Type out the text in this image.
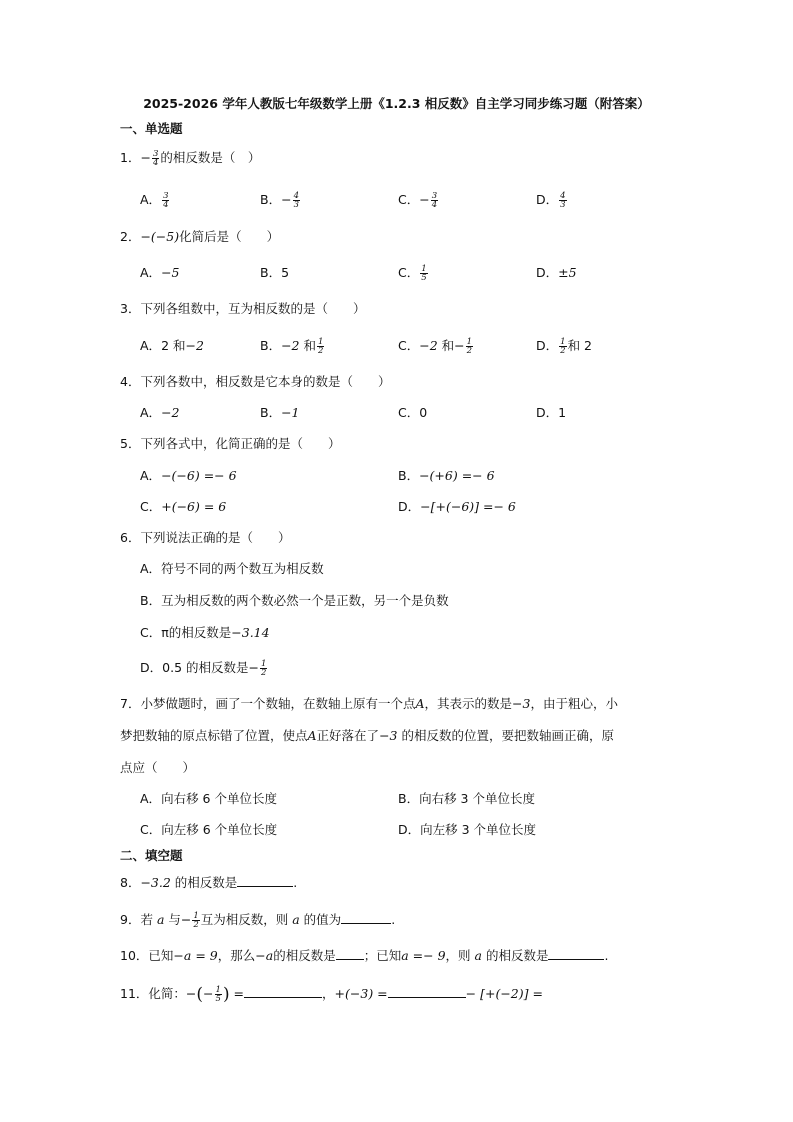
2025-2026 学年人教版七年级数学上册《1.2.3 相反数》自主学习同步练习题（附答案）
一、单选题
1．− $\frac{3}{4}$ 的相反数是（　）
A． $\frac{3}{4}$	B．− $\frac{4}{3}$	C．− $\frac{3}{4}$	D． $\frac{4}{3}$
2．−(−5)化简后是（　　）
A．−5	B．5	C． $\frac{1}{5}$	D．±5
3．下列各组数中，互为相反数的是（　　）
A．2 和−2	B．−2 和 $\frac{1}{2}$	C．−2 和− $\frac{1}{2}$	D． $\frac{1}{2}$ 和 2
4．下列各数中，相反数是它本身的数是（　　）
A．−2	B．−1	C．0	D．1
5．下列各式中，化简正确的是（　　）
A．−(−6) =− 6	B．−(+6) =− 6
C．+(−6) = 6	D．−[+(−6)] =− 6
6．下列说法正确的是（　　）
A．符号不同的两个数互为相反数
B．互为相反数的两个数必然一个是正数，另一个是负数
C．π的相反数是−3.14
D．0.5 的相反数是− $\frac{1}{2}$
7．小梦做题时，画了一个数轴，在数轴上原有一个点A，其表示的数是−3，由于粗心，小
梦把数轴的原点标错了位置，使点A正好落在了−3 的相反数的位置，要把数轴画正确，原
点应（　　）
A．向右移 6 个单位长度	B．向右移 3 个单位长度
C．向左移 6 个单位长度	D．向左移 3 个单位长度
二、填空题
8．−3.2 的相反数是	.
9．若 a 与− $\frac{1}{2}$ 互为相反数，则 a 的值为	.
10．已知−a = 9，那么−a的相反数是 ；已知a =− 9，则 a 的相反数是	.
11．化简：−(− $\frac{1}{5}$ ) =	，+(−3) =	− [+(−2)] =
